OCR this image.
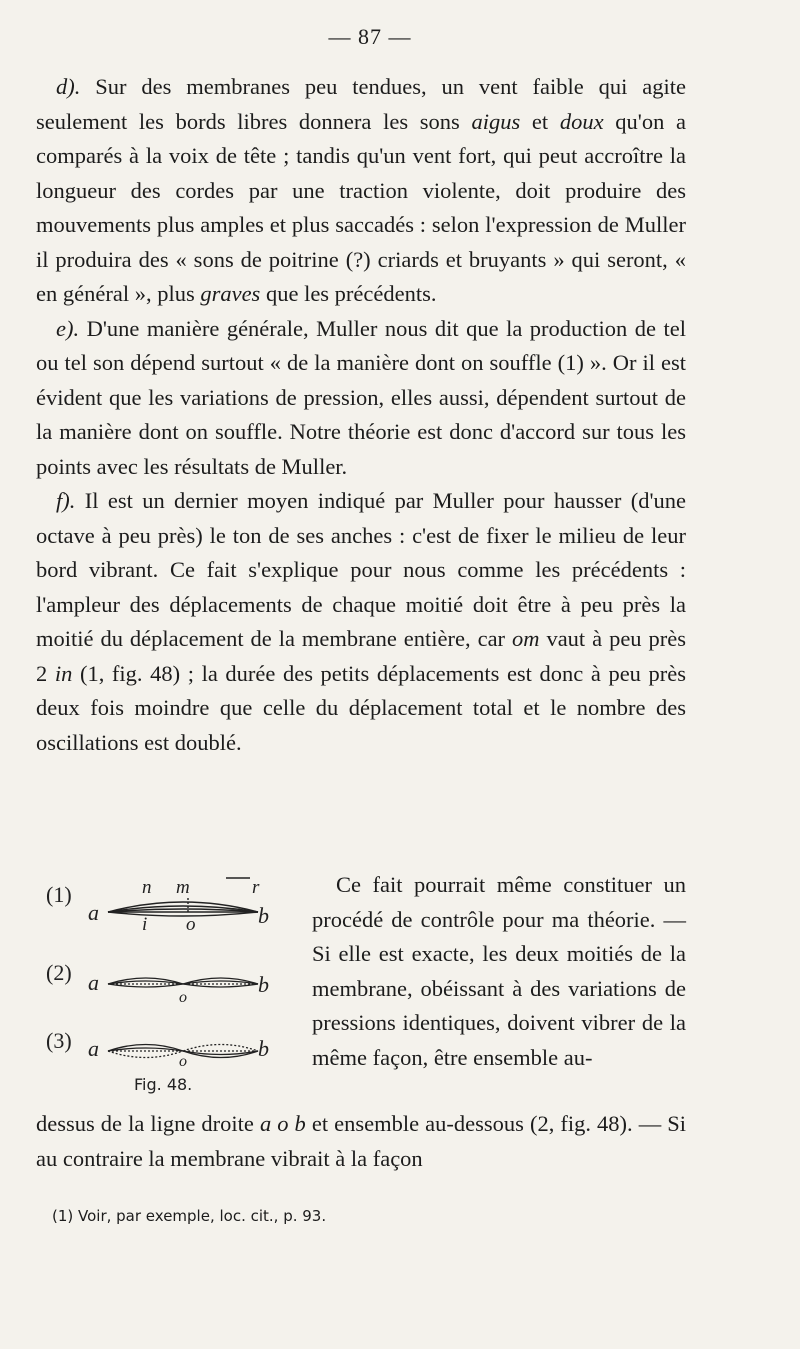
— 87 —

d). Sur des membranes peu tendues, un vent faible qui agite seulement les bords libres donnera les sons aigus et doux qu'on a comparés à la voix de tête ; tandis qu'un vent fort, qui peut accroître la longueur des cordes par une traction violente, doit produire des mouvements plus amples et plus saccadés : selon l'expression de Muller il produira des « sons de poitrine (?) criards et bruyants » qui seront, « en général », plus graves que les précédents.

e). D'une manière générale, Muller nous dit que la production de tel ou tel son dépend surtout « de la manière dont on souffle (1) ». Or il est évident que les variations de pression, elles aussi, dépendent surtout de la manière dont on souffle. Notre théorie est donc d'accord sur tous les points avec les résultats de Muller.

f). Il est un dernier moyen indiqué par Muller pour hausser (d'une octave à peu près) le ton de ses anches : c'est de fixer le milieu de leur bord vibrant. Ce fait s'explique pour nous comme les précédents : l'ampleur des déplacements de chaque moitié doit être à peu près la moitié du déplacement de la membrane entière, car om vaut à peu près 2 in (1, fig. 48) ; la durée des petits déplacements est donc à peu près deux fois moindre que celle du déplacement total et le nombre des oscillations est doublé.

(1)
a
n m	r
i o	b
(2) a	b
o
(3) a	b
o
Fig. 48.

Ce fait pourrait même constituer un procédé de contrôle pour ma théorie. — Si elle est exacte, les deux moitiés de la membrane, obéissant à des variations de pressions identiques, doivent vibrer de la même façon, être ensemble au-

dessus de la ligne droite a o b et ensemble au-dessous (2, fig. 48). — Si au contraire la membrane vibrait à la façon

(1) Voir, par exemple, loc. cit., p. 93.
